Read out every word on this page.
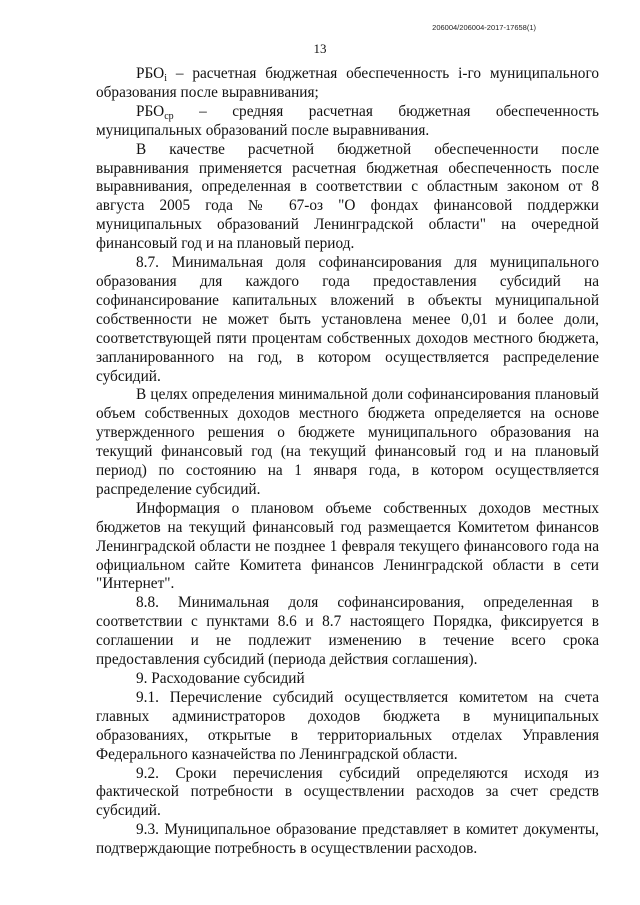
206004/206004-2017-17658(1)
13

$РБО_i$ – расчетная бюджетная обеспеченность i-го муниципального образования после выравнивания;

$РБО_{ср}$ – средняя расчетная бюджетная обеспеченность муниципальных образований после выравнивания.

В качестве расчетной бюджетной обеспеченности после выравнивания применяется расчетная бюджетная обеспеченность после выравнивания, определенная в соответствии с областным законом от 8 августа 2005 года № 67-оз "О фондах финансовой поддержки муниципальных образований Ленинградской области" на очередной финансовый год и на плановый период.

8.7. Минимальная доля софинансирования для муниципального образования для каждого года предоставления субсидий на софинансирование капитальных вложений в объекты муниципальной собственности не может быть установлена менее 0,01 и более доли, соответствующей пяти процентам собственных доходов местного бюджета, запланированного на год, в котором осуществляется распределение субсидий.

В целях определения минимальной доли софинансирования плановый объем собственных доходов местного бюджета определяется на основе утвержденного решения о бюджете муниципального образования на текущий финансовый год (на текущий финансовый год и на плановый период) по состоянию на 1 января года, в котором осуществляется распределение субсидий.

Информация о плановом объеме собственных доходов местных бюджетов на текущий финансовый год размещается Комитетом финансов Ленинградской области не позднее 1 февраля текущего финансового года на официальном сайте Комитета финансов Ленинградской области в сети "Интернет".

8.8. Минимальная доля софинансирования, определенная в соответствии с пунктами 8.6 и 8.7 настоящего Порядка, фиксируется в соглашении и не подлежит изменению в течение всего срока предоставления субсидий (периода действия соглашения).

9. Расходование субсидий

9.1. Перечисление субсидий осуществляется комитетом на счета главных администраторов доходов бюджета в муниципальных образованиях, открытые в территориальных отделах Управления Федерального казначейства по Ленинградской области.

9.2. Сроки перечисления субсидий определяются исходя из фактической потребности в осуществлении расходов за счет средств субсидий.

9.3. Муниципальное образование представляет в комитет документы, подтверждающие потребность в осуществлении расходов.
